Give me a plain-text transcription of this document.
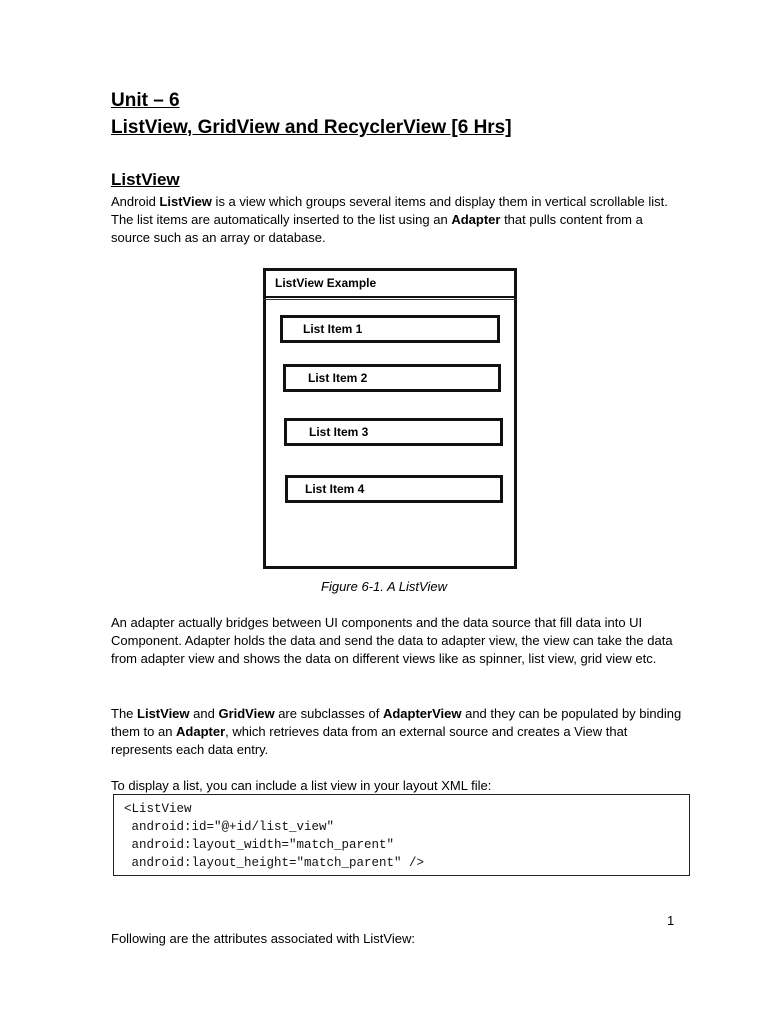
Unit – 6
ListView, GridView and RecyclerView [6 Hrs]
ListView

Android ListView is a view which groups several items and display them in vertical scrollable list. The list items are automatically inserted to the list using an Adapter that pulls content from a source such as an array or database.

ListView Example
List Item 1
List Item 2
List Item 3
List Item 4
Figure 6-1. A ListView

An adapter actually bridges between UI components and the data source that fill data into UI Component. Adapter holds the data and send the data to adapter view, the view can take the data from adapter view and shows the data on different views like as spinner, list view, grid view etc.

The ListView and GridView are subclasses of AdapterView and they can be populated by binding them to an Adapter, which retrieves data from an external source and creates a View that represents each data entry.

To display a list, you can include a list view in your layout XML file:

<ListView
android:id="@+id/list_view"
android:layout_width="match_parent"
android:layout_height="match_parent" />
1

Following are the attributes associated with ListView:
